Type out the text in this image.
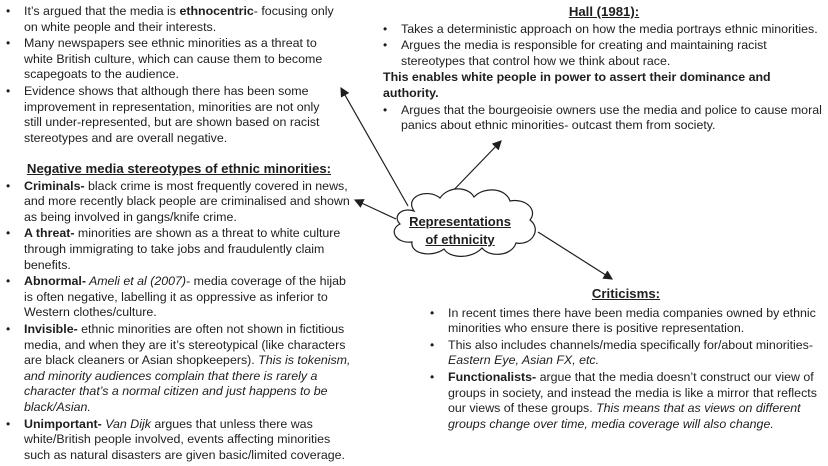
Representations
of ethnicity
• It’s argued that the media is ethnocentric- focusing only on white people and their interests.
• Many newspapers see ethnic minorities as a threat to white British culture, which can cause them to become scapegoats to the audience.
• Evidence shows that although there has been some improvement in representation, minorities are not only still under-represented, but are shown based on racist stereotypes and are overall negative.
Negative media stereotypes of ethnic minorities:
• Criminals- black crime is most frequently covered in news, and more recently black people are criminalised and shown as being involved in gangs/knife crime.
• A threat- minorities are shown as a threat to white culture through immigrating to take jobs and fraudulently claim benefits.
• Abnormal- Ameli et al (2007)- media coverage of the hijab is often negative, labelling it as oppressive as inferior to Western clothes/culture.
• Invisible- ethnic minorities are often not shown in fictitious media, and when they are it’s stereotypical (like characters are black cleaners or Asian shopkeepers). This is tokenism, and minority audiences complain that there is rarely a character that’s a normal citizen and just happens to be black/Asian.
• Unimportant- Van Dijk argues that unless there was white/British people involved, events affecting minorities such as natural disasters are given basic/limited coverage.
Hall (1981):
• Takes a deterministic approach on how the media portrays ethnic minorities.
• Argues the media is responsible for creating and maintaining racist stereotypes that control how we think about race.
This enables white people in power to assert their dominance and authority.
• Argues that the bourgeoisie owners use the media and police to cause moral panics about ethnic minorities- outcast them from society.
Criticisms:
• In recent times there have been media companies owned by ethnic minorities who ensure there is positive representation.
• This also includes channels/media specifically for/about minorities- Eastern Eye, Asian FX, etc.
• Functionalists- argue that the media doesn’t construct our view of groups in society, and instead the media is like a mirror that reflects our views of these groups. This means that as views on different groups change over time, media coverage will also change.
